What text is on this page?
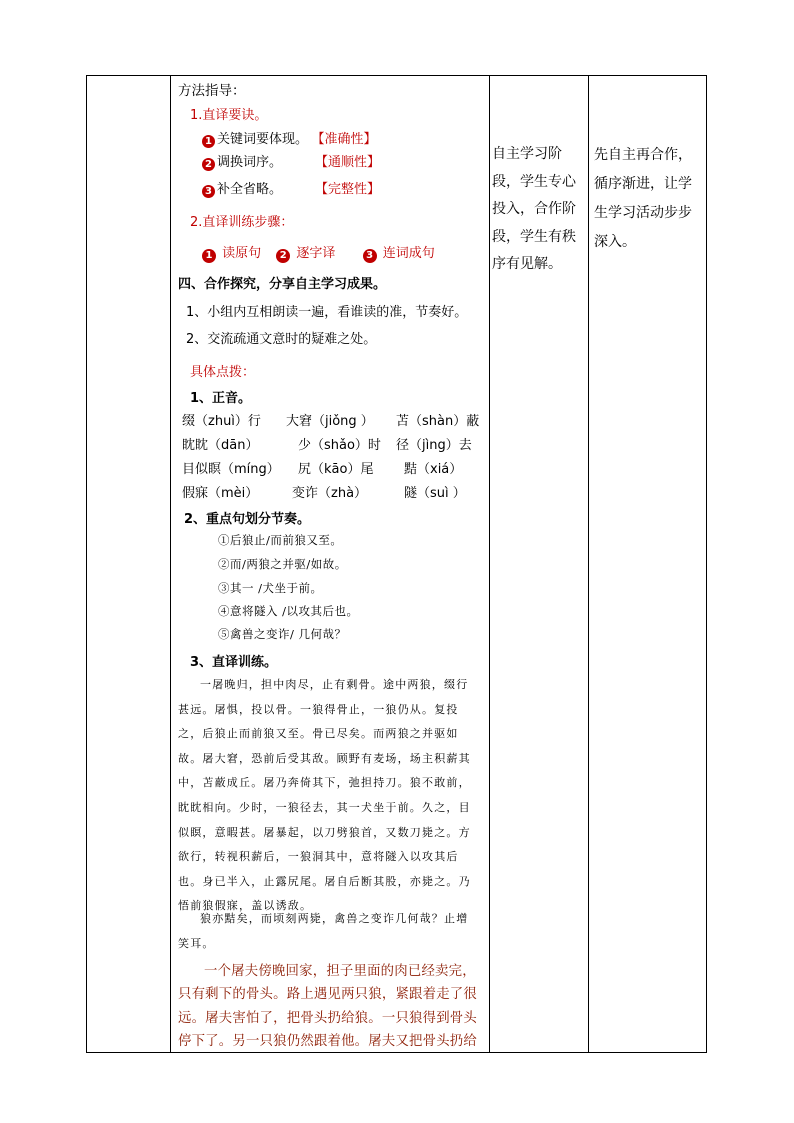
方法指导：
1.直译要诀。
1 关键词要体现。 【准确性】
2 调换词序。	【通顺性】
3 补全省略。	【完整性】
2.直译训练步骤：
1 读原句 2 逐字译	3 连词成句
四、合作探究，分享自主学习成果。
1、小组内互相朗读一遍，看谁读的准，节奏好。
2、交流疏通文意时的疑难之处。
具体点拨：
1、正音。
缀（zhuì）行 大窘（jiǒng ） 苫（shàn）蔽
眈眈（dān）	少（shǎo）时 径（jìng）去
目似瞑（míng） 尻（kāo）尾 黠（xiá）
假寐（mèi）	变诈（zhà）	隧（suì ）
2、重点句划分节奏。
①后狼止/而前狼又至。
②而/两狼之并驱/如故。
③其一 /犬坐于前。
④意将隧入 /以攻其后也。
⑤禽兽之变诈/ 几何哉？
3、直译训练。
一屠晚归，担中肉尽，止有剩骨。途中两狼，缀行甚远。屠惧，投以骨。一狼得骨止，一狼仍从。复投之，后狼止而前狼又至。骨已尽矣。而两狼之并驱如故。屠大窘，恐前后受其敌。顾野有麦场，场主积薪其中，苫蔽成丘。屠乃奔倚其下，弛担持刀。狼不敢前，眈眈相向。少时，一狼径去，其一犬坐于前。久之，目似瞑，意暇甚。屠暴起，以刀劈狼首，又数刀毙之。方欲行，转视积薪后，一狼洞其中，意将隧入以攻其后也。身已半入，止露尻尾。屠自后断其股，亦毙之。乃悟前狼假寐，盖以诱敌。
狼亦黠矣，而顷刻两毙，禽兽之变诈几何哉？止增笑耳。
一个屠夫傍晚回家，担子里面的肉已经卖完，只有剩下的骨头。路上遇见两只狼，紧跟着走了很远。屠夫害怕了，把骨头扔给狼。一只狼得到骨头停下了。另一只狼仍然跟着他。屠夫又把骨头扔给
自主学习阶段，学生专心投入，合作阶段，学生有秩序有见解。
先自主再合作，循序渐进，让学生学习活动步步深入。
